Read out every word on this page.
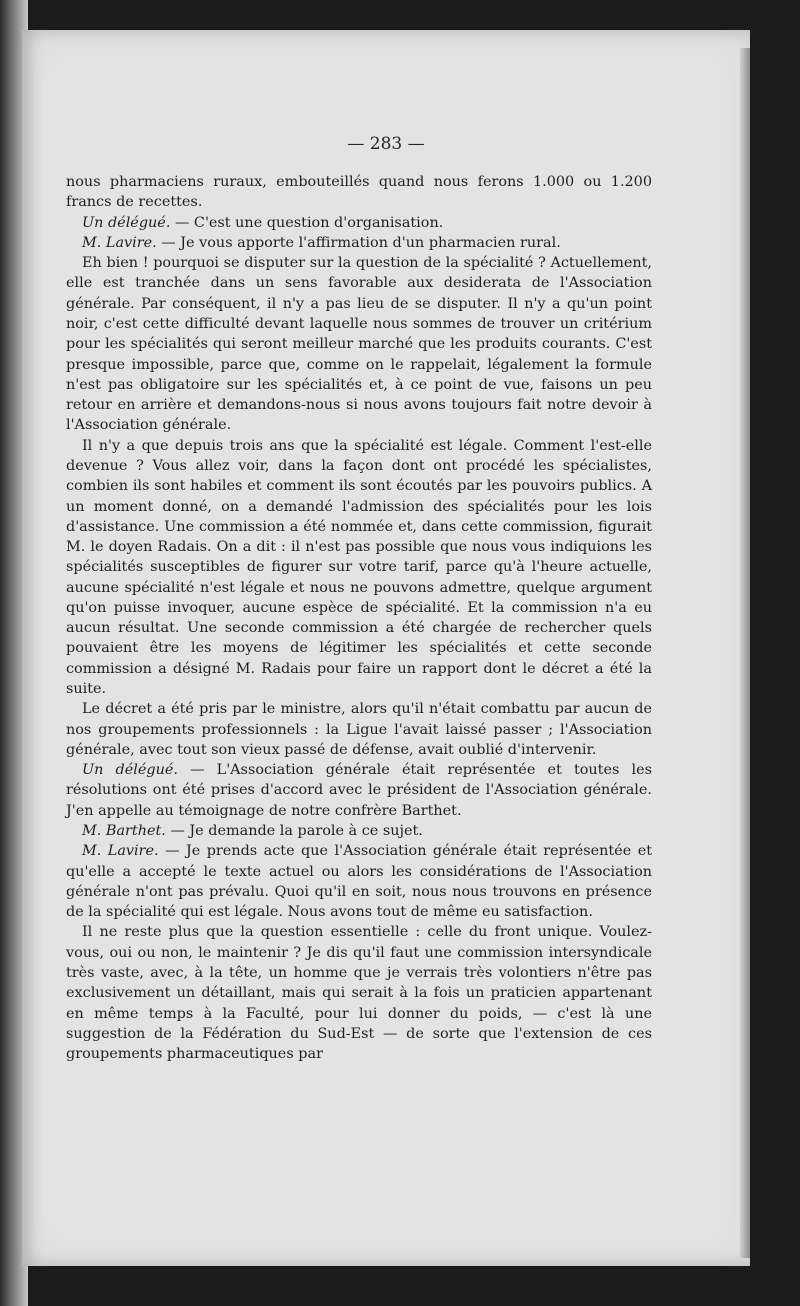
— 283 —

nous pharmaciens ruraux, embouteillés quand nous ferons 1.000 ou 1.200 francs de recettes.

Un délégué. — C'est une question d'organisation.

M. Lavire. — Je vous apporte l'affirmation d'un pharmacien rural.

Eh bien ! pourquoi se disputer sur la question de la spécialité ? Actuellement, elle est tranchée dans un sens favorable aux desiderata de l'Association générale. Par conséquent, il n'y a pas lieu de se disputer. Il n'y a qu'un point noir, c'est cette difficulté devant laquelle nous sommes de trouver un critérium pour les spécialités qui seront meilleur marché que les produits courants. C'est presque impossible, parce que, comme on le rappelait, légalement la formule n'est pas obligatoire sur les spécialités et, à ce point de vue, faisons un peu retour en arrière et demandons-nous si nous avons toujours fait notre devoir à l'Association générale.

Il n'y a que depuis trois ans que la spécialité est légale. Comment l'est-elle devenue ? Vous allez voir, dans la façon dont ont procédé les spécialistes, combien ils sont habiles et comment ils sont écoutés par les pouvoirs publics. A un moment donné, on a demandé l'admission des spécialités pour les lois d'assistance. Une commission a été nommée et, dans cette commission, figurait M. le doyen Radais. On a dit : il n'est pas possible que nous vous indiquions les spécialités susceptibles de figurer sur votre tarif, parce qu'à l'heure actuelle, aucune spécialité n'est légale et nous ne pouvons admettre, quelque argument qu'on puisse invoquer, aucune espèce de spécialité. Et la commission n'a eu aucun résultat. Une seconde commission a été chargée de rechercher quels pouvaient être les moyens de légitimer les spécialités et cette seconde commission a désigné M. Radais pour faire un rapport dont le décret a été la suite.

Le décret a été pris par le ministre, alors qu'il n'était combattu par aucun de nos groupements professionnels : la Ligue l'avait laissé passer ; l'Association générale, avec tout son vieux passé de défense, avait oublié d'intervenir.

Un délégué. — L'Association générale était représentée et toutes les résolutions ont été prises d'accord avec le président de l'Association générale. J'en appelle au témoignage de notre confrère Barthet.

M. Barthet. — Je demande la parole à ce sujet.

M. Lavire. — Je prends acte que l'Association générale était représentée et qu'elle a accepté le texte actuel ou alors les considérations de l'Association générale n'ont pas prévalu. Quoi qu'il en soit, nous nous trouvons en présence de la spécialité qui est légale. Nous avons tout de même eu satisfaction.

Il ne reste plus que la question essentielle : celle du front unique. Voulez-vous, oui ou non, le maintenir ? Je dis qu'il faut une commission intersyndicale très vaste, avec, à la tête, un homme que je verrais très volontiers n'être pas exclusivement un détaillant, mais qui serait à la fois un praticien appartenant en même temps à la Faculté, pour lui donner du poids, — c'est là une suggestion de la Fédération du Sud-Est — de sorte que l'extension de ces groupements pharmaceutiques par
